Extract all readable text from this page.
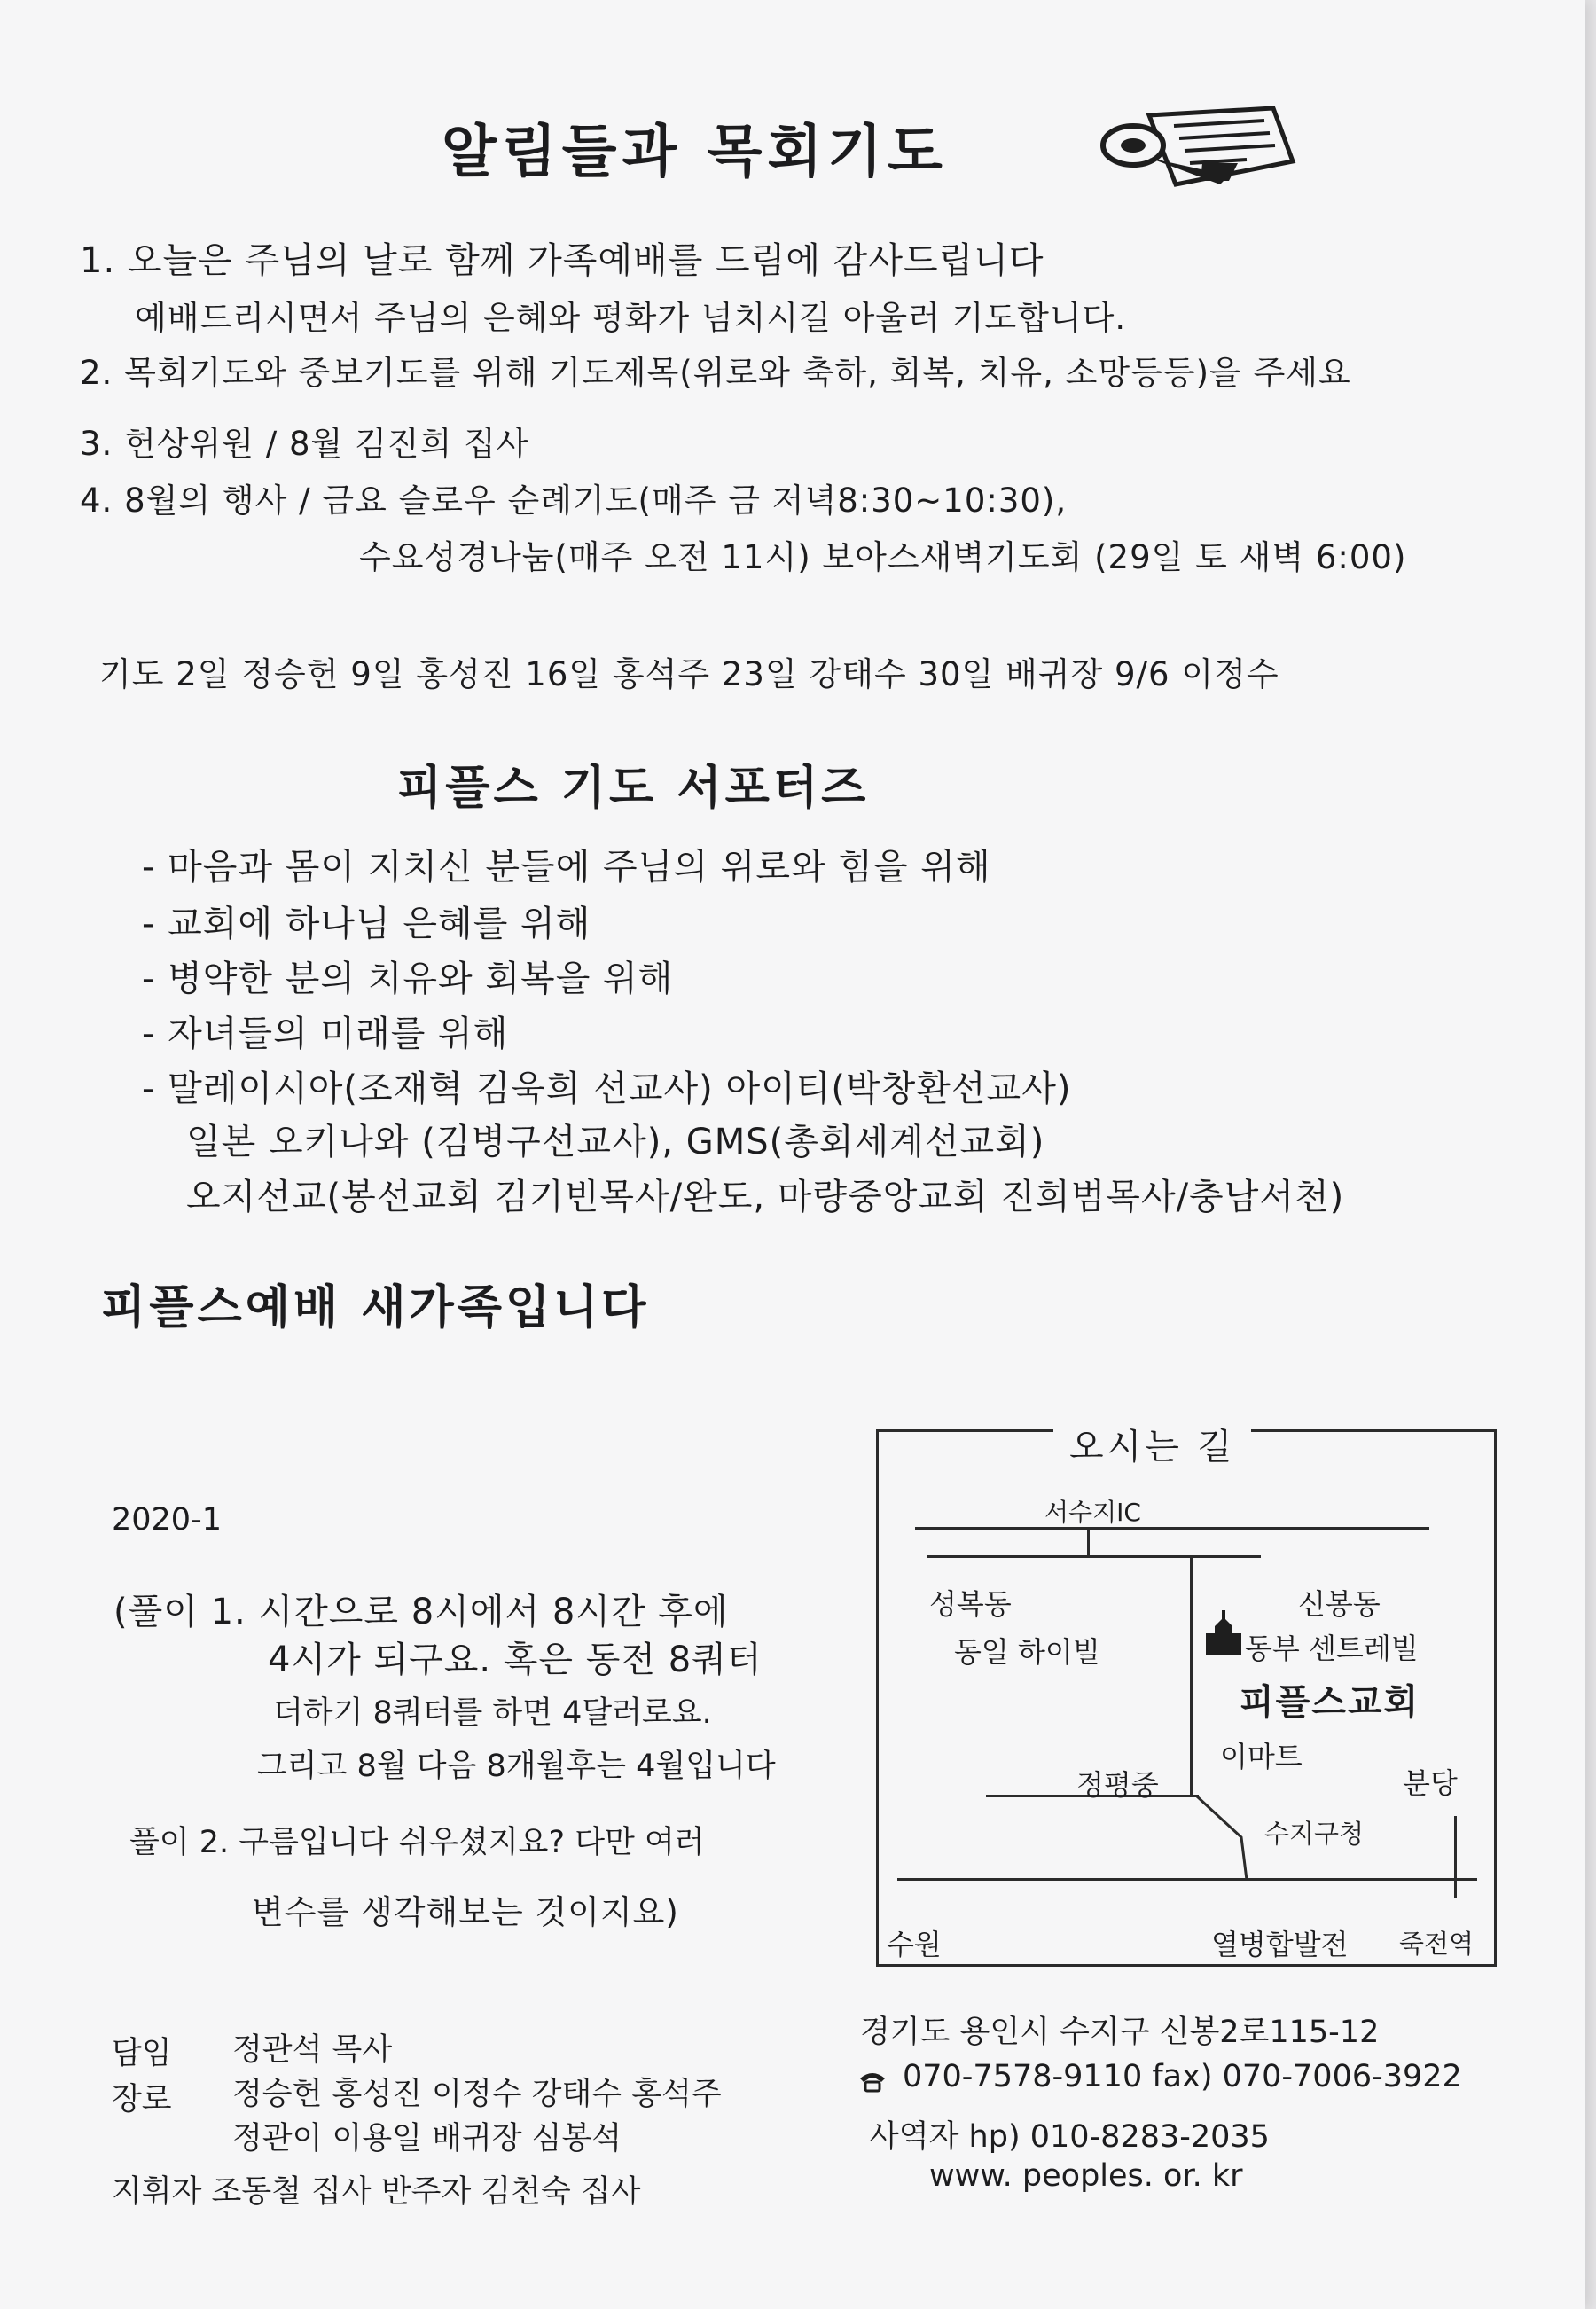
알림들과 목회기도
1. 오늘은 주님의 날로 함께 가족예배를 드림에 감사드립니다
예배드리시면서 주님의 은혜와 평화가 넘치시길 아울러 기도합니다.
2. 목회기도와 중보기도를 위해 기도제목(위로와 축하, 회복, 치유, 소망등등)을 주세요
3. 헌상위원 / 8월 김진희 집사
4. 8월의 행사 / 금요 슬로우 순례기도(매주 금 저녁8:30~10:30),
수요성경나눔(매주 오전 11시) 보아스새벽기도회 (29일 토 새벽 6:00)
기도 2일 정승헌 9일 홍성진 16일 홍석주 23일 강태수 30일 배귀장 9/6 이정수
피플스 기도 서포터즈
- 마음과 몸이 지치신 분들에 주님의 위로와 힘을 위해
- 교회에 하나님 은혜를 위해
- 병약한 분의 치유와 회복을 위해
- 자녀들의 미래를 위해
- 말레이시아(조재혁 김욱희 선교사) 아이티(박창환선교사)
일본 오키나와 (김병구선교사), GMS(총회세계선교회)
오지선교(봉선교회 김기빈목사/완도, 마량중앙교회 진희범목사/충남서천)
피플스예배 새가족입니다
2020-1
(풀이 1. 시간으로 8시에서 8시간 후에
4시가 되구요. 혹은 동전 8쿼터
더하기 8쿼터를 하면 4달러로요.
그리고 8월 다음 8개월후는 4월입니다
풀이 2. 구름입니다 쉬우셨지요? 다만 여러
변수를 생각해보는 것이지요)
오시는 길
서수지IC
성복동
동일 하이빌
신봉동
동부 센트레빌
피플스교회
이마트
정평중	분당
수지구청
수원	열병합발전 죽전역
담임 정관석 목사
장로 정승헌 홍성진 이정수 강태수 홍석주
정관이 이용일 배귀장 심봉석
지휘자 조동철 집사 반주자 김천숙 집사
경기도 용인시 수지구 신봉2로115-12
070-7578-9110 fax) 070-7006-3922
사역자 hp) 010-8283-2035
www. peoples. or. kr
